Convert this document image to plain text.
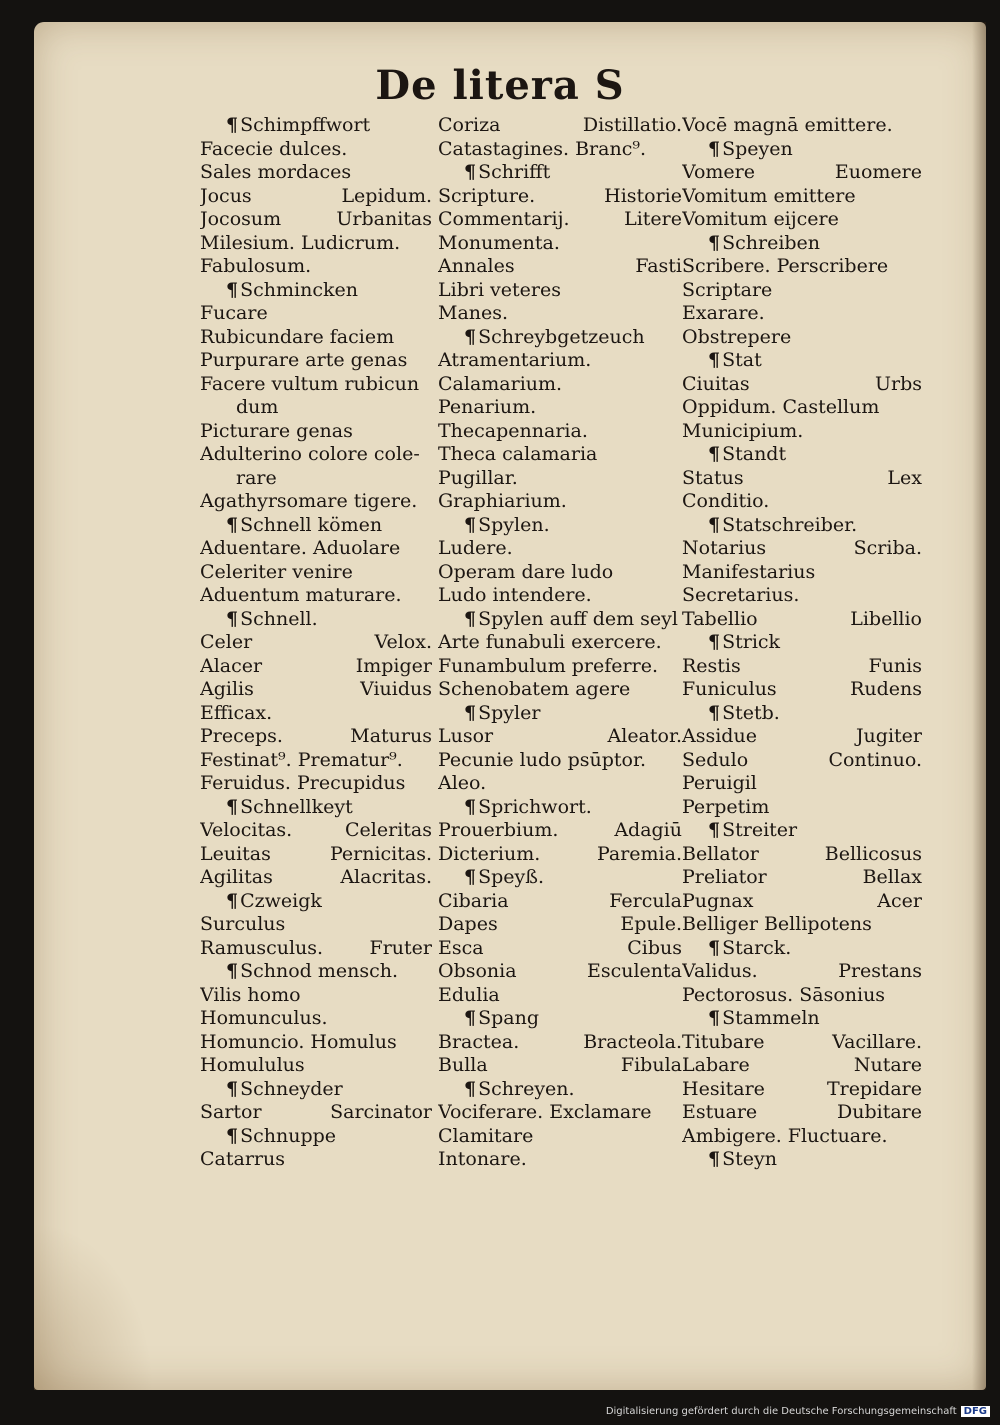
De litera S
¶ Schimpffwort
Facecie dulces.
Sales mordaces
Jocus	Lepidum.
Jocosum	Urbanitas
Milesium. Ludicrum.
Fabulosum.
¶ Schmincken
Fucare
Rubicundare faciem
Purpurare arte genas
Facere vultum rubicun
dum
Picturare genas
Adulterino colore cole-
rare
Agathyrsomare tigere.
¶ Schnell kömen
Aduentare. Aduolare
Celeriter venire
Aduentum maturare.
¶ Schnell.
Celer	Velox.
Alacer	Impiger
Agilis	Viuidus
Efficax.
Preceps.	Maturus
Festinat⁹. Prematur⁹.
Feruidus. Precupidus
¶ Schnellkeyt
Velocitas.	Celeritas
Leuitas	Pernicitas.
Agilitas	Alacritas.
¶ Czweigk
Surculus
Ramusculus. Fruter
¶ Schnod mensch.
Vilis homo
Homunculus.
Homuncio. Homulus
Homululus
¶ Schneyder
Sartor	Sarcinator
¶ Schnuppe
Catarrus
Coriza	Distillatio.
Catastagines. Branc⁹.
¶ Schrifft
Scripture.	Historie
Commentarij.	Litere
Monumenta.
Annales	Fasti
Libri veteres
Manes.
¶ Schreybgetzeuch
Atramentarium.
Calamarium.
Penarium.
Thecapennaria.
Theca calamaria
Pugillar.
Graphiarium.
¶ Spylen.
Ludere.
Operam dare ludo
Ludo intendere.
¶ Spylen auff dem seyl
Arte funabuli exercere.
Funambulum preferre.
Schenobatem agere
¶ Spyler
Lusor	Aleator.
Pecunie ludo psūptor.
Aleo.
¶ Sprichwort.
Prouerbium.	Adagiū
Dicterium.	Paremia.
¶ Speyß.
Cibaria	Fercula
Dapes	Epule.
Esca	Cibus
Obsonia	Esculenta
Edulia
¶ Spang
Bractea.	Bracteola.
Bulla	Fibula
¶ Schreyen.
Vociferare. Exclamare
Clamitare
Intonare.
Vocē magnā emittere.
¶ Speyen
Vomere	Euomere
Vomitum emittere
Vomitum eijcere
¶ Schreiben
Scribere. Perscribere
Scriptare
Exarare.
Obstrepere
¶ Stat
Ciuitas	Urbs
Oppidum. Castellum
Municipium.
¶ Standt
Status	Lex
Conditio.
¶ Statschreiber.
Notarius	Scriba.
Manifestarius
Secretarius.
Tabellio	Libellio
¶ Strick
Restis	Funis
Funiculus	Rudens
¶ Stetb.
Assidue	Jugiter
Sedulo	Continuo.
Peruigil
Perpetim
¶ Streiter
Bellator	Bellicosus
Preliator	Bellax
Pugnax	Acer
Belliger Bellipotens
¶ Starck.
Validus.	Prestans
Pectorosus. Sāsonius
¶ Stammeln
Titubare	Vacillare.
Labare	Nutare
Hesitare	Trepidare
Estuare	Dubitare
Ambigere. Fluctuare.
¶ Steyn
Digitalisierung gefördert durch die Deutsche Forschungsgemeinschaft DFG
